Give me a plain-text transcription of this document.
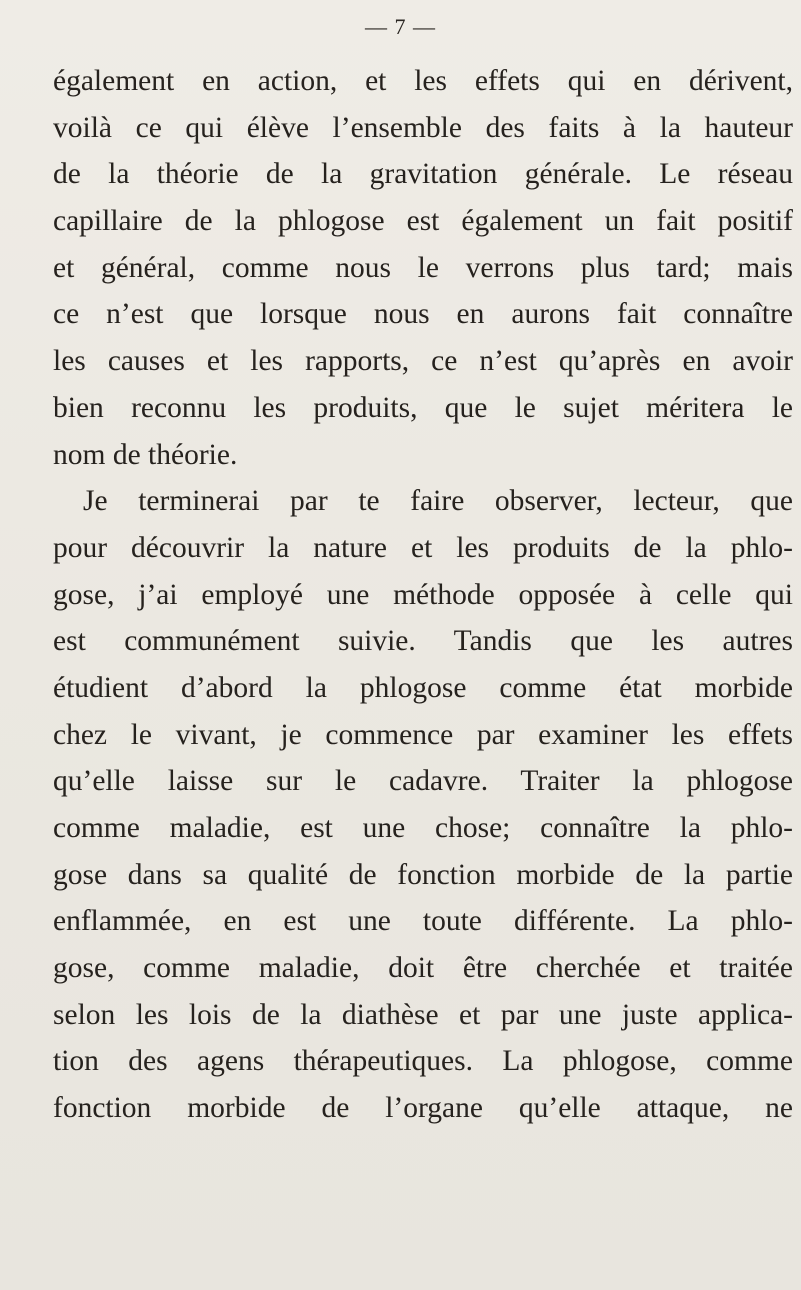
— 7 —
également en action, et les effets qui en dérivent,
voilà ce qui élève l’ensemble des faits à la hauteur
de la théorie de la gravitation générale. Le réseau
capillaire de la phlogose est également un fait positif
et général, comme nous le verrons plus tard; mais
ce n’est que lorsque nous en aurons fait connaître
les causes et les rapports, ce n’est qu’après en avoir
bien reconnu les produits, que le sujet méritera le
nom de théorie.
Je terminerai par te faire observer, lecteur, que
pour découvrir la nature et les produits de la phlo-
gose, j’ai employé une méthode opposée à celle qui
est communément suivie. Tandis que les autres
étudient d’abord la phlogose comme état morbide
chez le vivant, je commence par examiner les effets
qu’elle laisse sur le cadavre. Traiter la phlogose
comme maladie, est une chose; connaître la phlo-
gose dans sa qualité de fonction morbide de la partie
enflammée, en est une toute différente. La phlo-
gose, comme maladie, doit être cherchée et traitée
selon les lois de la diathèse et par une juste applica-
tion des agens thérapeutiques. La phlogose, comme
fonction morbide de l’organe qu’elle attaque, ne
